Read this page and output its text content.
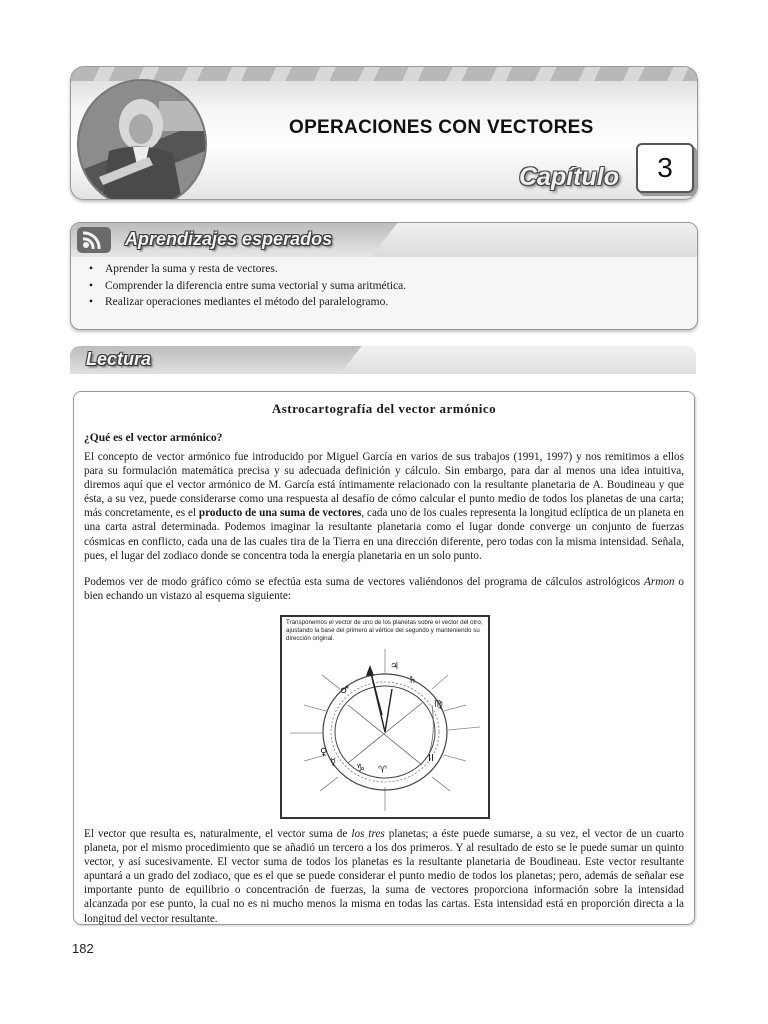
OPERACIONES CON VECTORES
Capítulo	3
Aprendizajes esperados
• Aprender la suma y resta de vectores.
• Comprender la diferencia entre suma vectorial y suma aritmética.
• Realizar operaciones mediantes el método del paralelogramo.
Lectura
Astrocartografía del vector armónico
¿Qué es el vector armónico?

El concepto de vector armónico fue introducido por Miguel García en varios de sus trabajos (1991, 1997) y nos remitimos a ellos para su formulación matemática precisa y su adecuada definición y cálculo. Sin embargo, para dar al menos una idea intuitiva, diremos aquí que el vector armónico de M. García está íntimamente relacionado con la resultante planetaria de A. Boudineau y que ésta, a su vez, puede considerarse como una respuesta al desafío de cómo calcular el punto medio de todos los planetas de una carta; más concretamente, es el producto de una suma de vectores, cada uno de los cuales representa la longitud eclíptica de un planeta en una carta astral determinada. Podemos imaginar la resultante planetaria como el lugar donde converge un conjunto de fuerzas cósmicas en conflicto, cada una de las cuales tira de la Tierra en una dirección diferente, pero todas con la misma intensidad. Señala, pues, el lugar del zodiaco donde se concentra toda la energía planetaria en un solo punto.

Podemos ver de modo gráfico cómo se efectúa esta suma de vectores valiéndonos del programa de cálculos astrológicos Armon o bien echando un vistazo al esquema siguiente:

Transponemos el vector de uno de los planetas sobre el vector del otro, ajustando la base del primero al vértice del segundo y manteniendo su dirección original.
♂
♃
♄
♍
♈
II
♀
☿
♑

El vector que resulta es, naturalmente, el vector suma de los tres planetas; a éste puede sumarse, a su vez, el vector de un cuarto planeta, por el mismo procedimiento que se añadió un tercero a los dos primeros. Y al resultado de esto se le puede sumar un quinto vector, y así sucesivamente. El vector suma de todos los planetas es la resultante planetaria de Boudineau. Este vector resultante apuntará a un grado del zodiaco, que es el que se puede considerar el punto medio de todos los planetas; pero, además de señalar ese importante punto de equilibrio o concentración de fuerzas, la suma de vectores proporciona información sobre la intensidad alcanzada por ese punto, la cual no es ni mucho menos la misma en todas las cartas. Esta intensidad está en proporción directa a la longitud del vector resultante.

182
